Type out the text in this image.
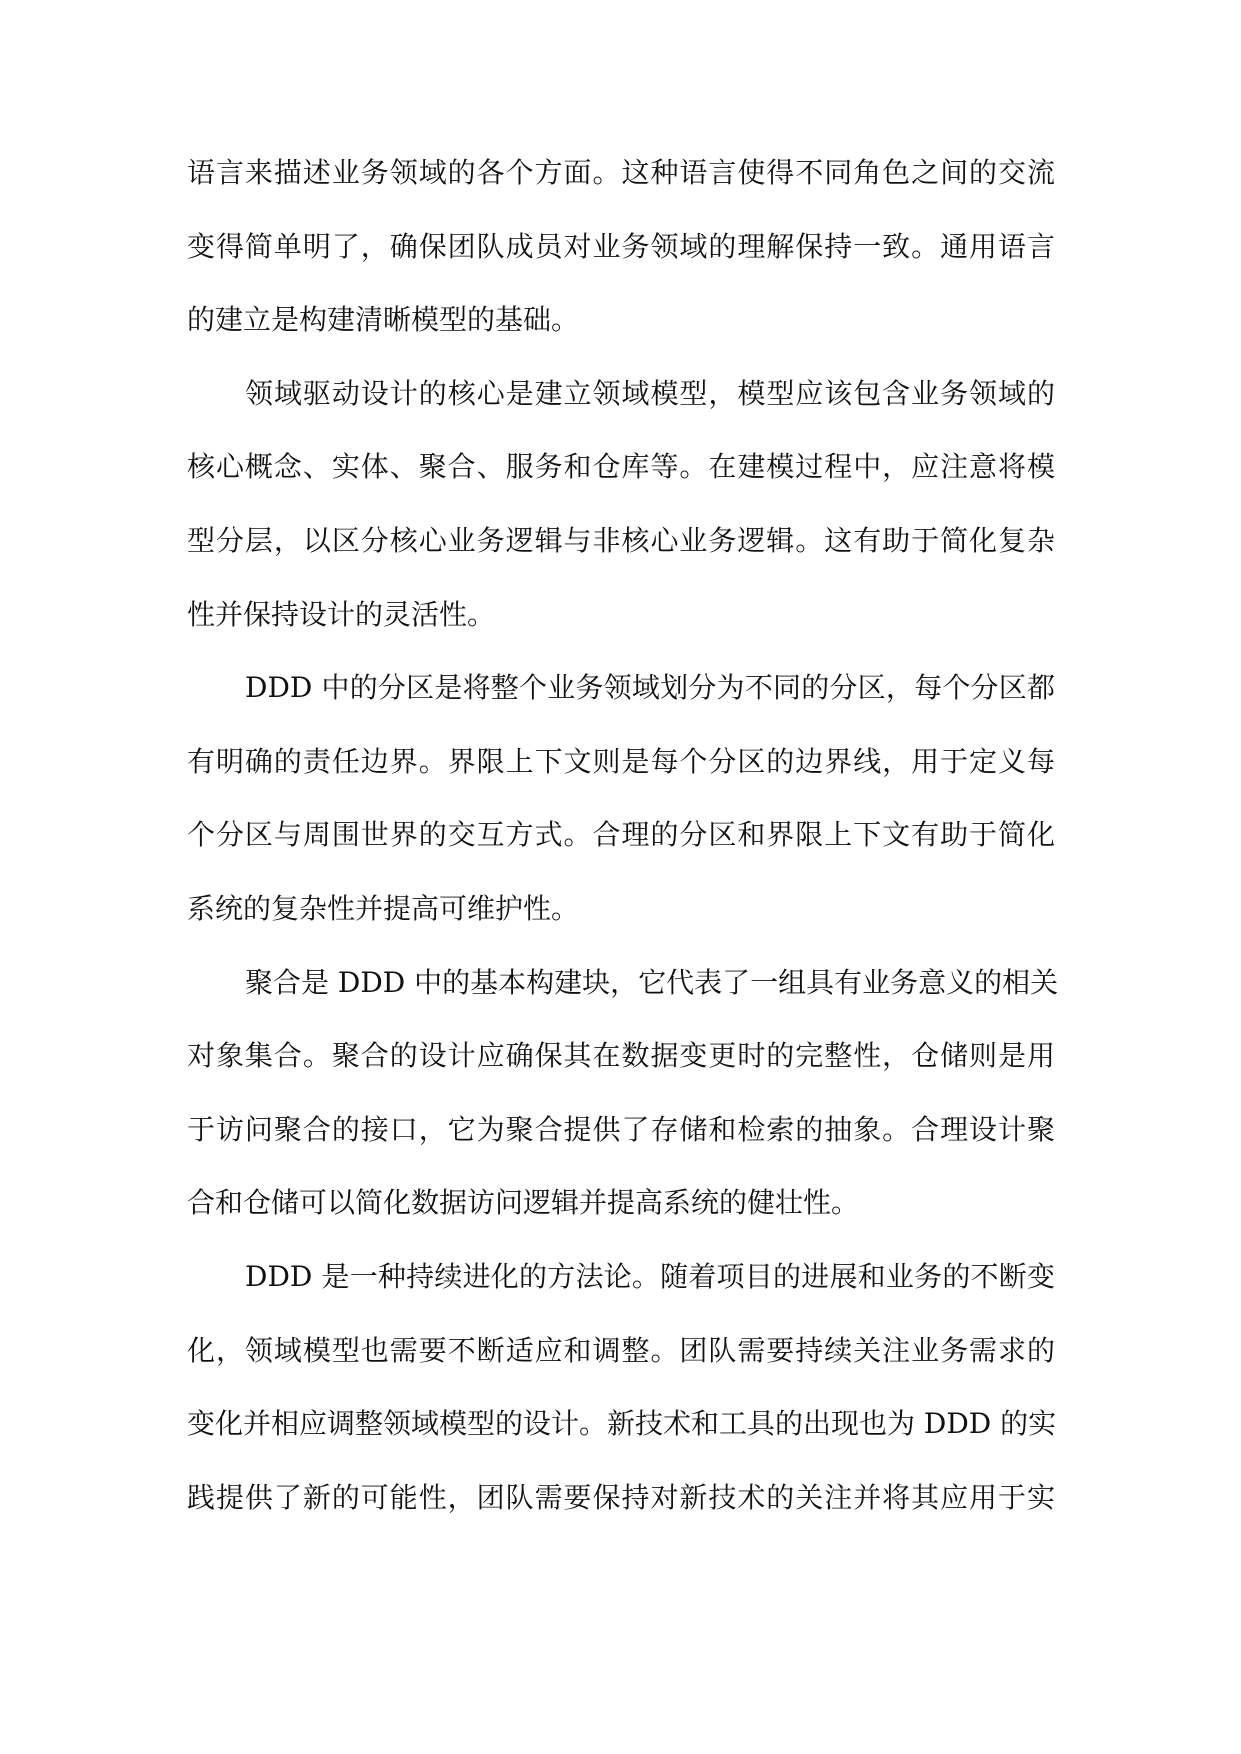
语言来描述业务领域的各个方面。这种语言使得不同角色之间的交流
变得简单明了，确保团队成员对业务领域的理解保持一致。通用语言
的建立是构建清晰模型的基础。
领域驱动设计的核心是建立领域模型，模型应该包含业务领域的
核心概念、实体、聚合、服务和仓库等。在建模过程中，应注意将模
型分层，以区分核心业务逻辑与非核心业务逻辑。这有助于简化复杂
性并保持设计的灵活性。
DDD 中的分区是将整个业务领域划分为不同的分区，每个分区都
有明确的责任边界。界限上下文则是每个分区的边界线，用于定义每
个分区与周围世界的交互方式。合理的分区和界限上下文有助于简化
系统的复杂性并提高可维护性。
聚合是 DDD 中的基本构建块，它代表了一组具有业务意义的相关
对象集合。聚合的设计应确保其在数据变更时的完整性，仓储则是用
于访问聚合的接口，它为聚合提供了存储和检索的抽象。合理设计聚
合和仓储可以简化数据访问逻辑并提高系统的健壮性。
DDD 是一种持续进化的方法论。随着项目的进展和业务的不断变
化，领域模型也需要不断适应和调整。团队需要持续关注业务需求的
变化并相应调整领域模型的设计。新技术和工具的出现也为 DDD 的实
践提供了新的可能性，团队需要保持对新技术的关注并将其应用于实
